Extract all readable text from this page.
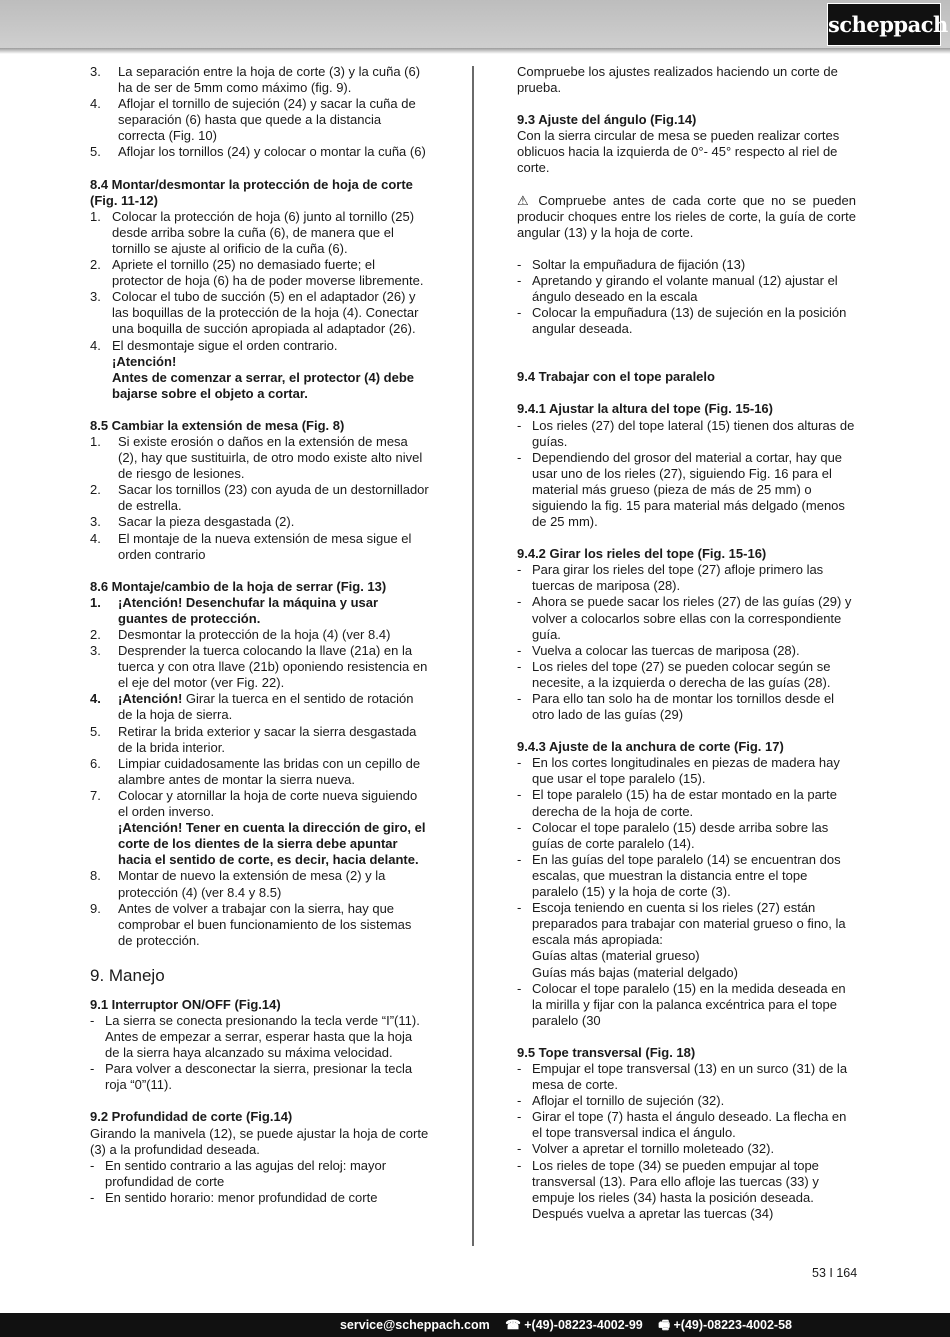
scheppach
3. La separación entre la hoja de corte (3) y la cuña (6) ha de ser de 5mm como máximo (fig. 9).
4. Aflojar el tornillo de sujeción (24) y sacar la cuña de separación (6) hasta que quede a la distancia correcta (Fig. 10)
5. Aflojar los tornillos (24) y colocar o montar la cuña (6)

8.4 Montar/desmontar la protección de hoja de corte (Fig. 11-12)

1. Colocar la protección de hoja (6) junto al tornillo (25) desde arriba sobre la cuña (6), de manera que el tornillo se ajuste al orificio de la cuña (6).
2. Apriete el tornillo (25) no demasiado fuerte; el protector de hoja (6) ha de poder moverse libremente.
3. Colocar el tubo de succión (5) en el adaptador (26) y las boquillas de la protección de la hoja (4). Conectar una boquilla de succión apropiada al adaptador (26).
4. El desmontaje sigue el orden contrario.
¡Atención!
Antes de comenzar a serrar, el protector (4) debe bajarse sobre el objeto a cortar.

8.5 Cambiar la extensión de mesa (Fig. 8)

1. Si existe erosión o daños en la extensión de mesa (2), hay que sustituirla, de otro modo existe alto nivel de riesgo de lesiones.
2. Sacar los tornillos (23) con ayuda de un destornillador de estrella.
3. Sacar la pieza desgastada (2).
4. El montaje de la nueva extensión de mesa sigue el orden contrario

8.6 Montaje/cambio de la hoja de serrar (Fig. 13)

1. ¡Atención! Desenchufar la máquina y usar guantes de protección.
2. Desmontar la protección de la hoja (4) (ver 8.4)
3. Desprender la tuerca colocando la llave (21a) en la tuerca y con otra llave (21b) oponiendo resistencia en el eje del motor (ver Fig. 22).
4. ¡Atención! Girar la tuerca en el sentido de rotación de la hoja de sierra.
5. Retirar la brida exterior y sacar la sierra desgastada de la brida interior.
6. Limpiar cuidadosamente las bridas con un cepillo de alambre antes de montar la sierra nueva.
7. Colocar y atornillar la hoja de corte nueva siguiendo el orden inverso.
¡Atención! Tener en cuenta la dirección de giro, el corte de los dientes de la sierra debe apuntar hacia el sentido de corte, es decir, hacia delante.
8. Montar de nuevo la extensión de mesa (2) y la protección (4) (ver 8.4 y 8.5)
9. Antes de volver a trabajar con la sierra, hay que comprobar el buen funcionamiento de los sistemas de protección.

9. Manejo

9.1 Interruptor ON/OFF (Fig.14)

- La sierra se conecta presionando la tecla verde “I”(11). Antes de empezar a serrar, esperar hasta que la hoja de la sierra haya alcanzado su máxima velocidad.
- Para volver a desconectar la sierra, presionar la tecla roja “0”(11).

9.2 Profundidad de corte (Fig.14)

Girando la manivela (12), se puede ajustar la hoja de corte (3) a la profundidad deseada.

- En sentido contrario a las agujas del reloj: mayor profundidad de corte
- En sentido horario: menor profundidad de corte

Compruebe los ajustes realizados haciendo un corte de prueba.

9.3 Ajuste del ángulo (Fig.14)

Con la sierra circular de mesa se pueden realizar cortes oblicuos hacia la izquierda de 0°- 45° respecto al riel de corte.

⚠ Compruebe antes de cada corte que no se pueden producir choques entre los rieles de corte, la guía de corte angular (13) y la hoja de corte.

- Soltar la empuñadura de fijación (13)
- Apretando y girando el volante manual (12) ajustar el ángulo deseado en la escala
- Colocar la empuñadura (13) de sujeción en la posición angular deseada.

9.4 Trabajar con el tope paralelo

9.4.1 Ajustar la altura del tope (Fig. 15-16)

- Los rieles (27) del tope lateral (15) tienen dos alturas de guías.
- Dependiendo del grosor del material a cortar, hay que usar uno de los rieles (27), siguiendo Fig. 16 para el material más grueso (pieza de más de 25 mm) o siguiendo la fig. 15 para material más delgado (menos de 25 mm).

9.4.2 Girar los rieles del tope (Fig. 15-16)

- Para girar los rieles del tope (27) afloje primero las tuercas de mariposa (28).
- Ahora se puede sacar los rieles (27) de las guías (29) y volver a colocarlos sobre ellas con la correspondiente guía.
- Vuelva a colocar las tuercas de mariposa (28).
- Los rieles del tope (27) se pueden colocar según se necesite, a la izquierda o derecha de las guías (28).
- Para ello tan solo ha de montar los tornillos desde el otro lado de las guías (29)

9.4.3 Ajuste de la anchura de corte (Fig. 17)

- En los cortes longitudinales en piezas de madera hay que usar el tope paralelo (15).
- El tope paralelo (15) ha de estar montado en la parte derecha de la hoja de corte.
- Colocar el tope paralelo (15) desde arriba sobre las guías de corte paralelo (14).
- En las guías del tope paralelo (14) se encuentran dos escalas, que muestran la distancia entre el tope paralelo (15) y la hoja de corte (3).
- Escoja teniendo en cuenta si los rieles (27) están preparados para trabajar con material grueso o fino, la escala más apropiada:
Guías altas (material grueso)
Guías más bajas (material delgado)
- Colocar el tope paralelo (15) en la medida deseada en la mirilla y fijar con la palanca excéntrica para el tope paralelo (30

9.5 Tope transversal (Fig. 18)

- Empujar el tope transversal (13) en un surco (31) de la mesa de corte.
- Aflojar el tornillo de sujeción (32).
- Girar el tope (7) hasta el ángulo deseado. La flecha en el tope transversal indica el ángulo.
- Volver a apretar el tornillo moleteado (32).
- Los rieles de tope (34) se pueden empujar al tope transversal (13). Para ello afloje las tuercas (33) y empuje los rieles (34) hasta la posición deseada. Después vuelva a apretar las tuercas (34)
53 I 164
service@scheppach.com ☎ +(49)-08223-4002-99 🖷 +(49)-08223-4002-58
